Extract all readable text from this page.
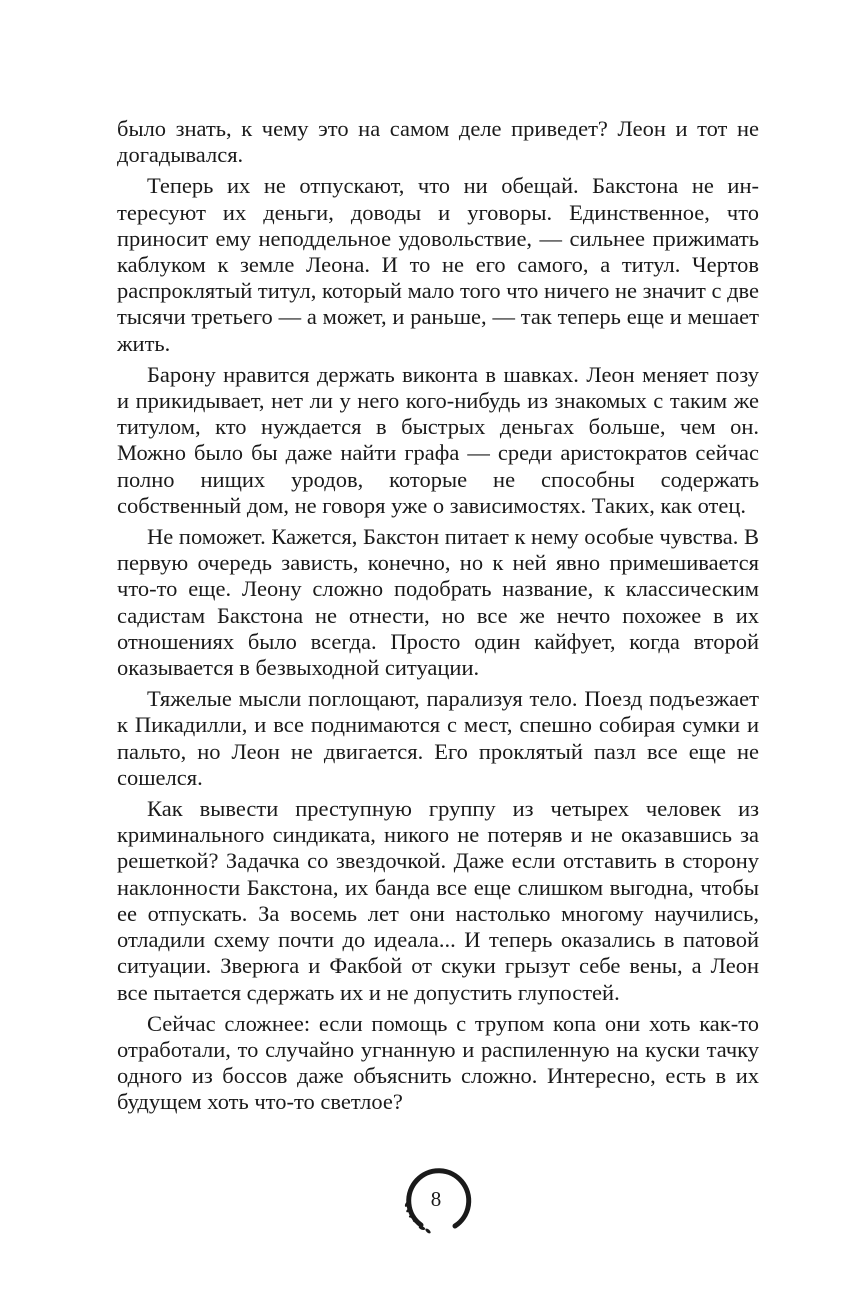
было знать, к чему это на самом деле приведет? Леон и тот не догадывался.

Теперь их не отпускают, что ни обещай. Бакстона не интересуют их деньги, доводы и уговоры. Единственное, что приносит ему неподдельное удовольствие, — сильнее прижимать каблуком к земле Леона. И то не его самого, а титул. Чертов распроклятый титул, который мало того что ничего не значит с две тысячи третьего — а может, и раньше, — так теперь еще и мешает жить.

Барону нравится держать виконта в шавках. Леон меняет позу и прикидывает, нет ли у него кого-нибудь из знакомых с таким же титулом, кто нуждается в быстрых деньгах больше, чем он. Можно было бы даже найти графа — среди аристократов сейчас полно нищих уродов, которые не способны содержать собственный дом, не говоря уже о зависимостях. Таких, как отец.

Не поможет. Кажется, Бакстон питает к нему особые чувства. В первую очередь зависть, конечно, но к ней явно примешивается что-то еще. Леону сложно подобрать название, к классическим садистам Бакстона не отнести, но все же нечто похожее в их отношениях было всегда. Просто один кайфует, когда второй оказывается в безвыходной ситуации.

Тяжелые мысли поглощают, парализуя тело. Поезд подъезжает к Пикадилли, и все поднимаются с мест, спешно собирая сумки и пальто, но Леон не двигается. Его проклятый пазл все еще не сошелся.

Как вывести преступную группу из четырех человек из криминального синдиката, никого не потеряв и не оказавшись за решеткой? Задачка со звездочкой. Даже если отставить в сторону наклонности Бакстона, их банда все еще слишком выгодна, чтобы ее отпускать. За восемь лет они настолько многому научились, отладили схему почти до идеала... И теперь оказались в патовой ситуации. Зверюга и Факбой от скуки грызут себе вены, а Леон все пытается сдержать их и не допустить глупостей.

Сейчас сложнее: если помощь с трупом копа они хоть как-то отработали, то случайно угнанную и распиленную на куски тачку одного из боссов даже объяснить сложно. Интересно, есть в их будущем хоть что-то светлое?

8
